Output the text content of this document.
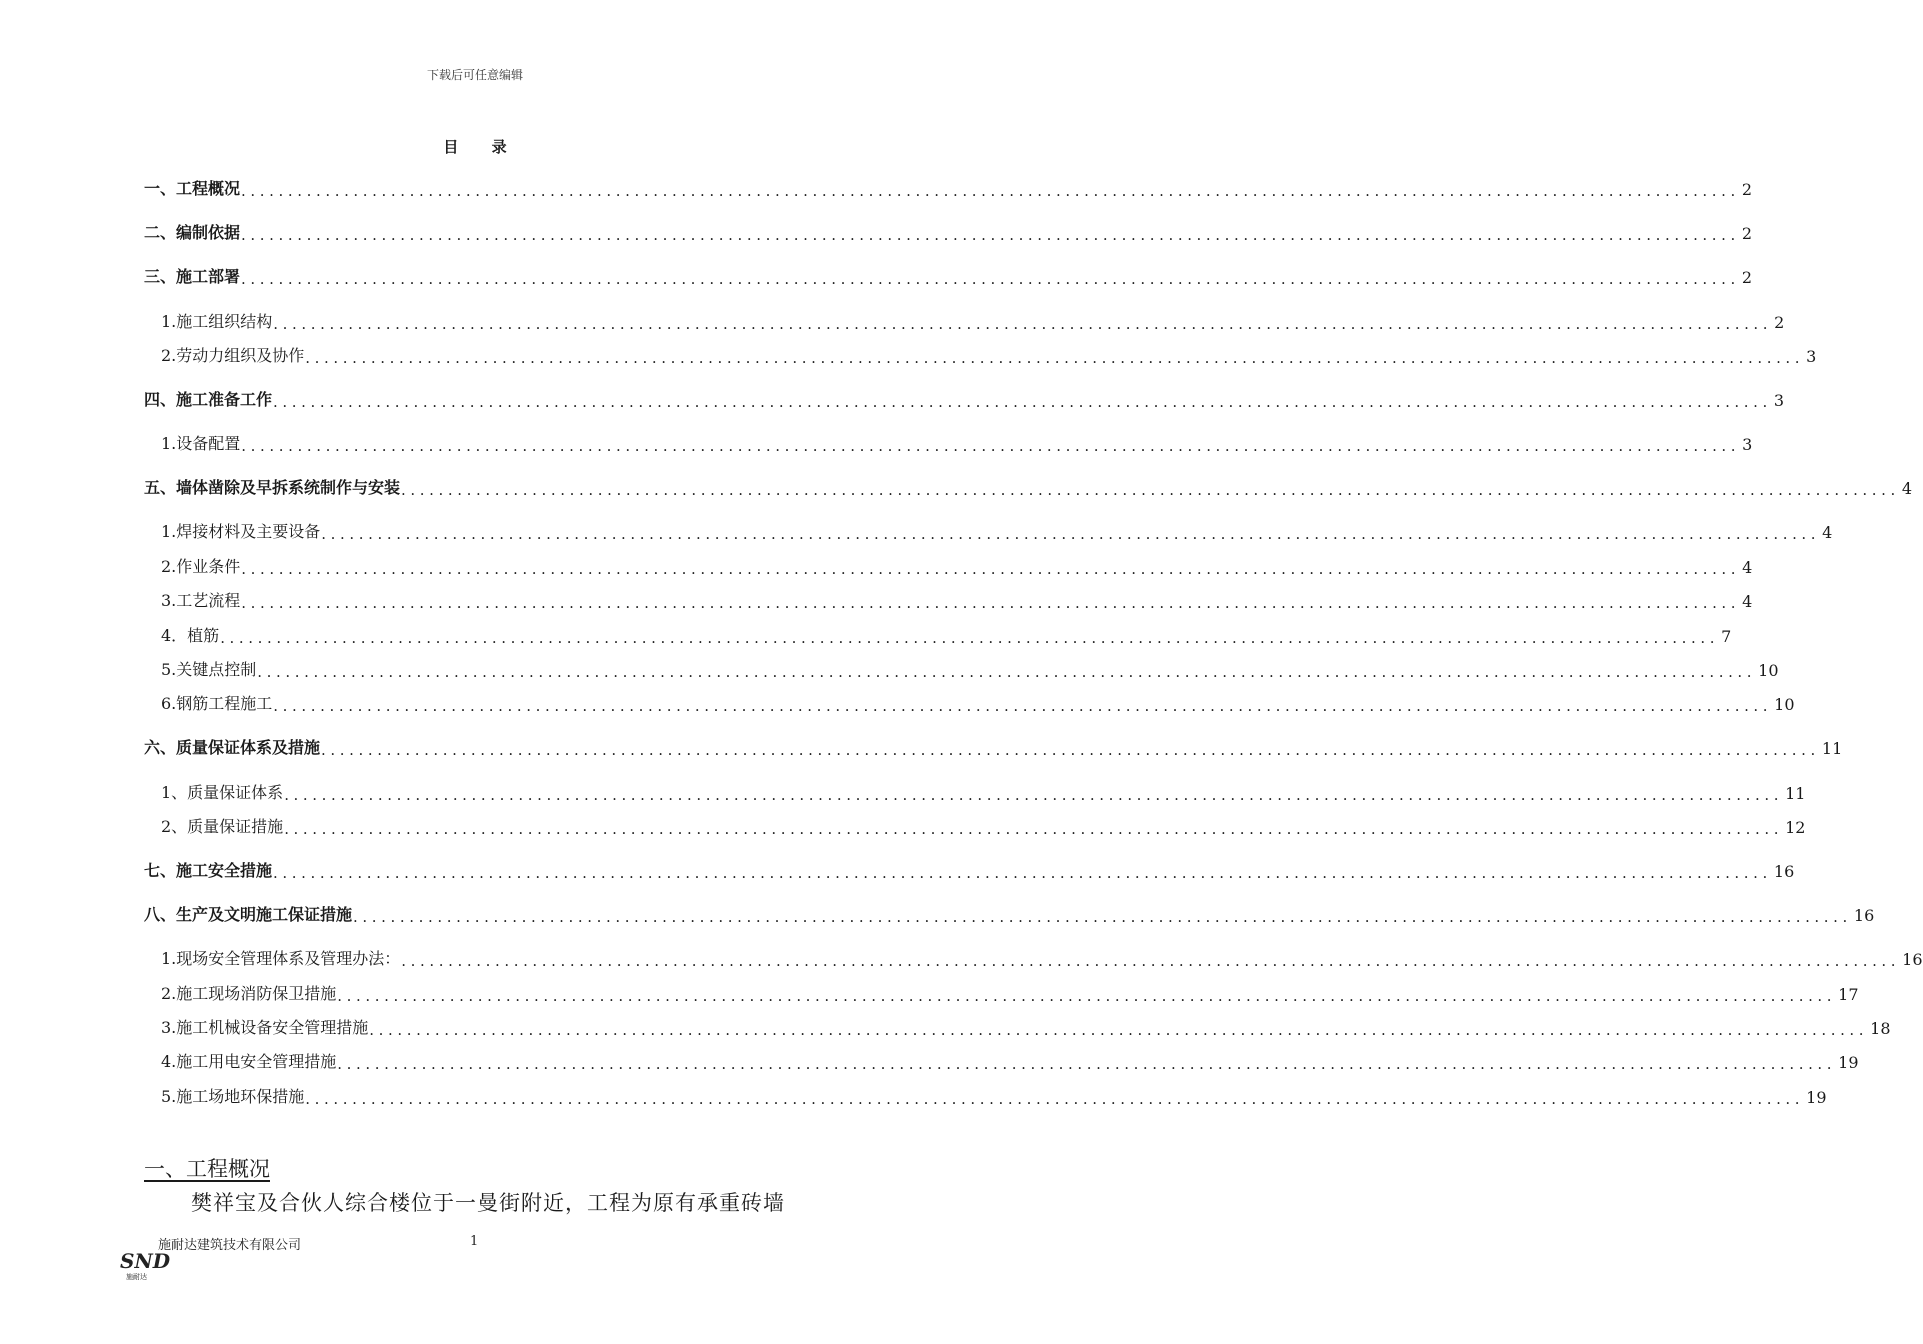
下载后可任意编辑
目 录
一、工程概况 ................................................................................................................................................................ 2
二、编制依据 ................................................................................................................................................................ 2
三、施工部署 ................................................................................................................................................................ 2
1.施工组织结构 ................................................................................................................................................................ 2
2.劳动力组织及协作 ................................................................................................................................................................ 3
四、施工准备工作 ................................................................................................................................................................ 3
1.设备配置 ................................................................................................................................................................ 3
五、墙体凿除及早拆系统制作与安装 ................................................................................................................................................................ 4
1.焊接材料及主要设备 ................................................................................................................................................................ 4
2.作业条件 ................................................................................................................................................................ 4
3.工艺流程 ................................................................................................................................................................ 4
4．植筋 ................................................................................................................................................................ 7
5.关键点控制 ................................................................................................................................................................ 10
6.钢筋工程施工 ................................................................................................................................................................ 10
六、质量保证体系及措施 ................................................................................................................................................................ 11
1、质量保证体系 ................................................................................................................................................................ 11
2、质量保证措施 ................................................................................................................................................................ 12
七、施工安全措施 ................................................................................................................................................................ 16
八、生产及文明施工保证措施 ................................................................................................................................................................ 16
1.现场安全管理体系及管理办法： ................................................................................................................................................................ 16
2.施工现场消防保卫措施 ................................................................................................................................................................ 17
3.施工机械设备安全管理措施 ................................................................................................................................................................ 18
4.施工用电安全管理措施 ................................................................................................................................................................ 19
5.施工场地环保措施 ................................................................................................................................................................ 19
一、工程概况
樊祥宝及合伙人综合楼位于一曼街附近，工程为原有承重砖墙
施耐达建筑技术有限公司	1
SND
施耐达
